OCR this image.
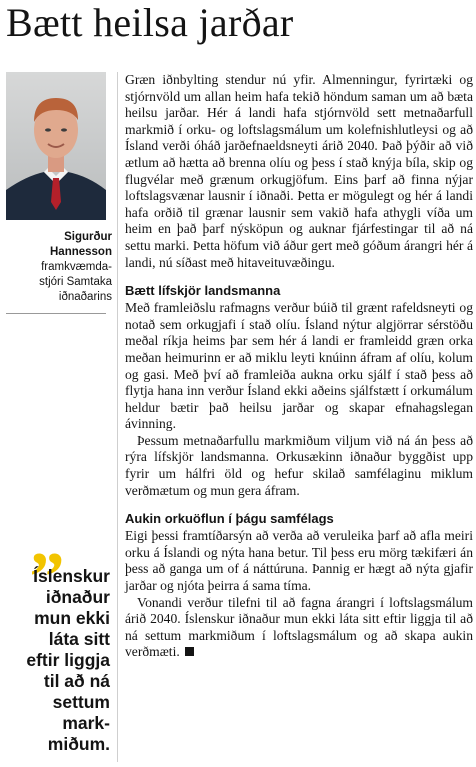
Bætt heilsa jarðar
Sigurður
Hannesson
framkvæmda-
stjóri Samtaka
iðnaðarins
„
Íslenskur
iðnaður
mun ekki
láta sitt
eftir liggja
til að ná
settum
mark-
miðum.

Græn iðnbylting stendur nú yfir. Almenningur, fyrirtæki og stjórnvöld um allan heim hafa tekið höndum saman um að bæta heilsu jarðar. Hér á landi hafa stjórnvöld sett metnaðarfull markmið í orku- og loftslagsmálum um kolefnishlutleysi og að Ísland verði óháð jarðefnaeldsneyti árið 2040. Það þýðir að við ætlum að hætta að brenna olíu og þess í stað knýja bíla, skip og flugvélar með grænum orkugjöfum. Eins þarf að finna nýjar loftslagsvænar lausnir í iðnaði. Þetta er mögulegt og hér á landi hafa orðið til grænar lausnir sem vakið hafa athygli víða um heim en það þarf nýsköpun og auknar fjárfestingar til að ná settu marki. Þetta höfum við áður gert með góðum árangri hér á landi, nú síðast með hitaveituvæðingu.

Bætt lífskjör landsmanna

Með framleiðslu rafmagns verður búið til grænt rafeldsneyti og notað sem orkugjafi í stað olíu. Ísland nýtur algjörrar sérstöðu meðal ríkja heims þar sem hér á landi er framleidd græn orka meðan heimurinn er að miklu leyti knúinn áfram af olíu, kolum og gasi. Með því að framleiða aukna orku sjálf í stað þess að flytja hana inn verður Ísland ekki aðeins sjálfstætt í orkumálum heldur bætir það heilsu jarðar og skapar efnahagslegan ávinning.

Þessum metnaðarfullu markmiðum viljum við ná án þess að rýra lífskjör landsmanna. Orkusækinn iðnaður byggðist upp fyrir um hálfri öld og hefur skilað samfélaginu miklum verðmætum og mun gera áfram.

Aukin orkuöflun í þágu samfélags

Eigi þessi framtíðarsýn að verða að veruleika þarf að afla meiri orku á Íslandi og nýta hana betur. Til þess eru mörg tækifæri án þess að ganga um of á náttúruna. Þannig er hægt að nýta gjafir jarðar og njóta þeirra á sama tíma.

Vonandi verður tilefni til að fagna árangri í loftslagsmálum árið 2040. Íslenskur iðnaður mun ekki láta sitt eftir liggja til að ná settum markmiðum í loftslagsmálum og að skapa aukin verðmæti.
